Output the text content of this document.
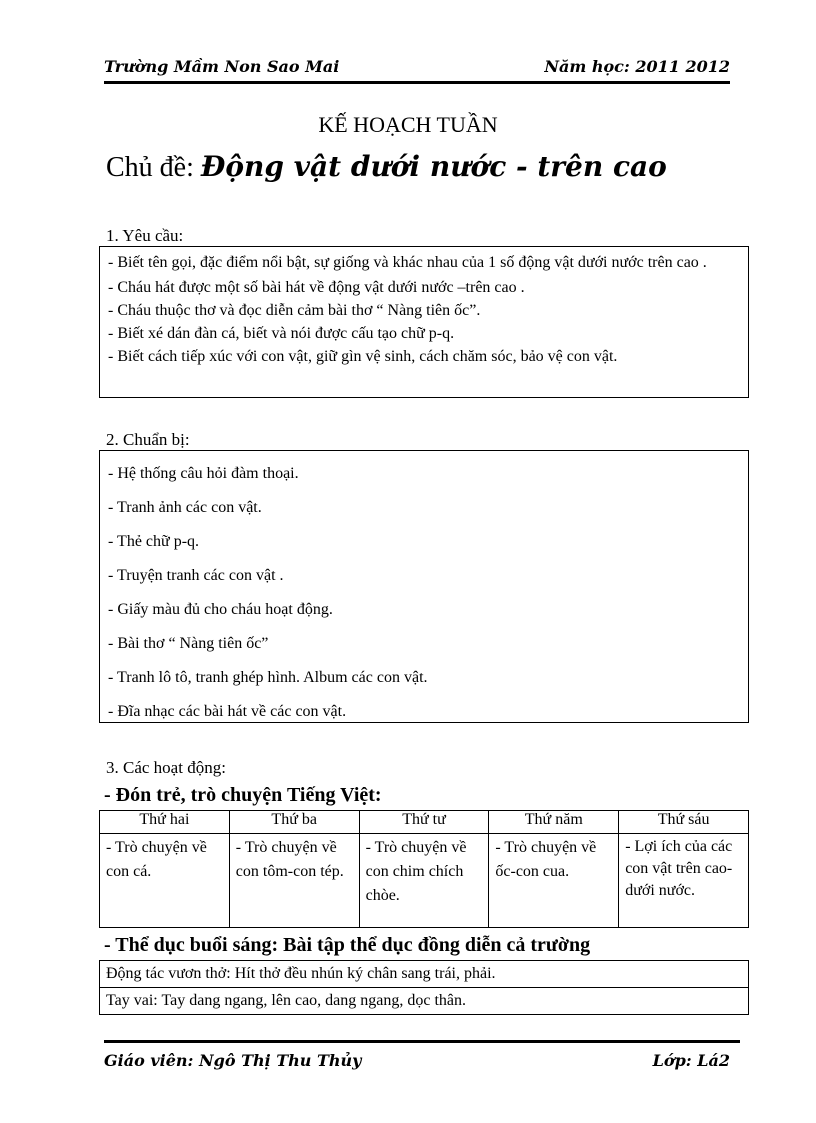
Trường Mầm Non Sao Mai	Năm học: 2011 2012
KẾ HOẠCH TUẦN
Chủ đề: Động vật dưới nước - trên cao
1. Yêu cầu:

- Biết tên gọi, đặc điểm nổi bật, sự giống và khác nhau của 1 số động vật dưới nước trên cao .

- Cháu hát được một số bài hát về động vật dưới nước –trên cao .

- Cháu thuộc thơ và đọc diễn cảm bài thơ “ Nàng tiên ốc”.

- Biết xé dán đàn cá, biết và nói được cấu tạo chữ p-q.

- Biết cách tiếp xúc với con vật, giữ gìn vệ sinh, cách chăm sóc, bảo vệ con vật.

2. Chuẩn bị:

- Hệ thống câu hỏi đàm thoại.

- Tranh ảnh các con vật.

- Thẻ chữ p-q.

- Truyện tranh các con vật .

- Giấy màu đủ cho cháu hoạt động.

- Bài thơ “ Nàng tiên ốc”

- Tranh lô tô, tranh ghép hình. Album các con vật.

- Đĩa nhạc các bài hát về các con vật.

3. Các hoạt động:
- Đón trẻ, trò chuyện Tiếng Việt:
Thứ hai	Thứ ba	Thứ tư	Thứ năm	Thứ sáu
- Trò chuyện về con cá.	- Trò chuyện về con tôm-con tép.	- Trò chuyện về con chim chích chòe.	- Trò chuyện về ốc-con cua.	- Lợi ích của các con vật trên cao-dưới nước.
- Thể dục buổi sáng: Bài tập thể dục đồng diễn cả trường
Động tác vươn thở: Hít thở đều nhún ký chân sang trái, phải.
Tay vai: Tay dang ngang, lên cao, dang ngang, dọc thân.
Giáo viên: Ngô Thị Thu Thủy	Lớp: Lá2
